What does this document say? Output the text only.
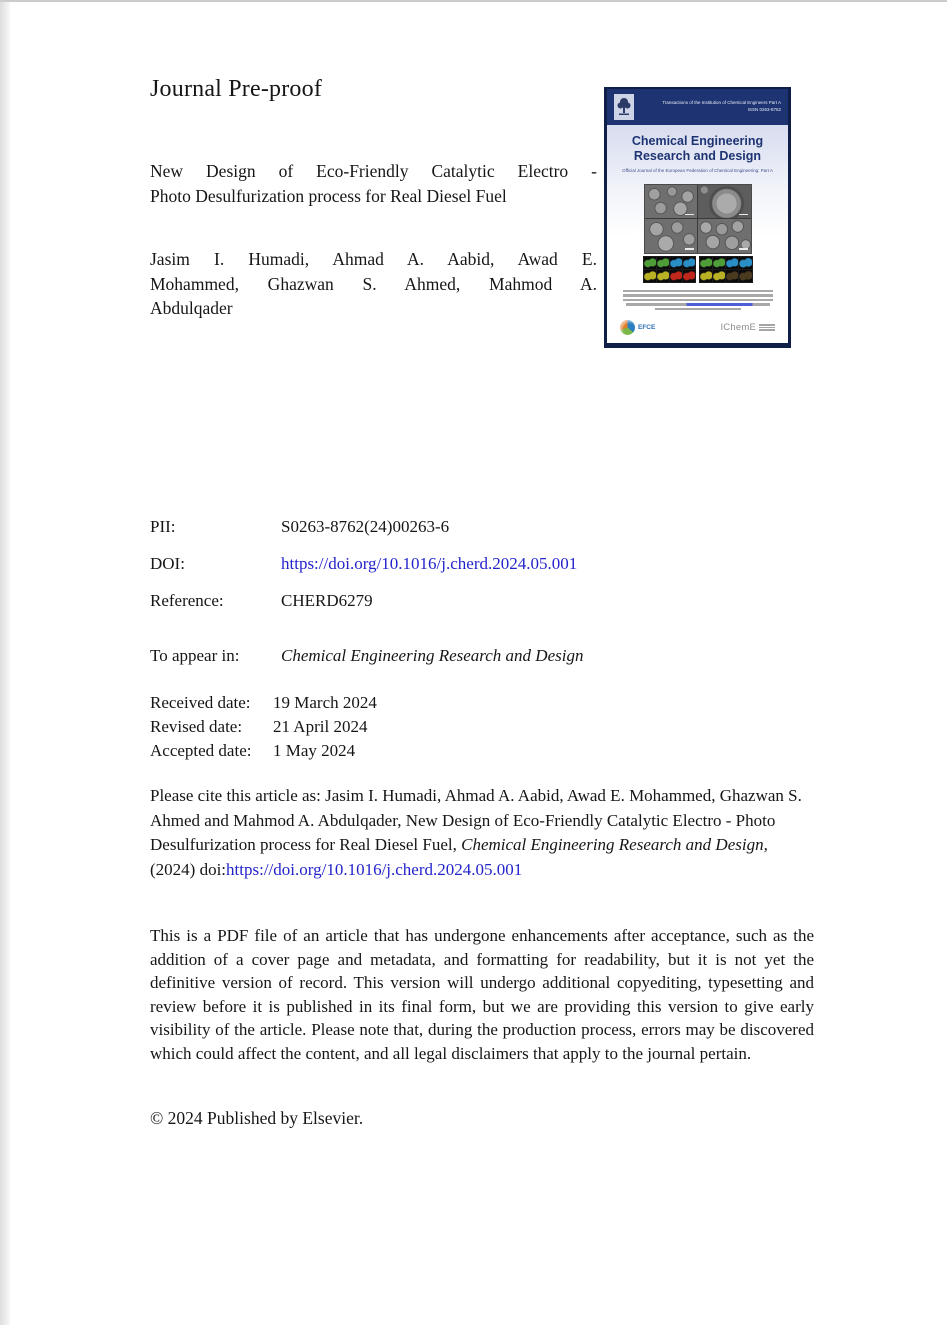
Journal Pre-proof
New Design of Eco-Friendly Catalytic Electro -
Photo Desulfurization process for Real Diesel Fuel
Jasim I. Humadi, Ahmad A. Aabid, Awad E.
Mohammed, Ghazwan S. Ahmed, Mahmod A.
Abdulqader
Transactions of the Institution of Chemical Engineers Part A
ISSN 0263-8762
Chemical Engineering
Research and Design
Official Journal of the European Federation of Chemical Engineering: Part A
EFCE	IChemE
PII:	S0263-8762(24)00263-6
DOI:	https://doi.org/10.1016/j.cherd.2024.05.001
Reference:	CHERD6279
To appear in:	Chemical Engineering Research and Design
Received date:	19 March 2024
Revised date:	21 April 2024
Accepted date:	1 May 2024

Please cite this article as: Jasim I. Humadi, Ahmad A. Aabid, Awad E. Mohammed, Ghazwan S. Ahmed and Mahmod A. Abdulqader, New Design of Eco-Friendly Catalytic Electro - Photo Desulfurization process for Real Diesel Fuel, Chemical Engineering Research and Design, (2024) doi:https://doi.org/10.1016/j.cherd.2024.05.001

This is a PDF file of an article that has undergone enhancements after acceptance, such as the addition of a cover page and metadata, and formatting for readability, but it is not yet the definitive version of record. This version will undergo additional copyediting, typesetting and review before it is published in its final form, but we are providing this version to give early visibility of the article. Please note that, during the production process, errors may be discovered which could affect the content, and all legal disclaimers that apply to the journal pertain.

© 2024 Published by Elsevier.
